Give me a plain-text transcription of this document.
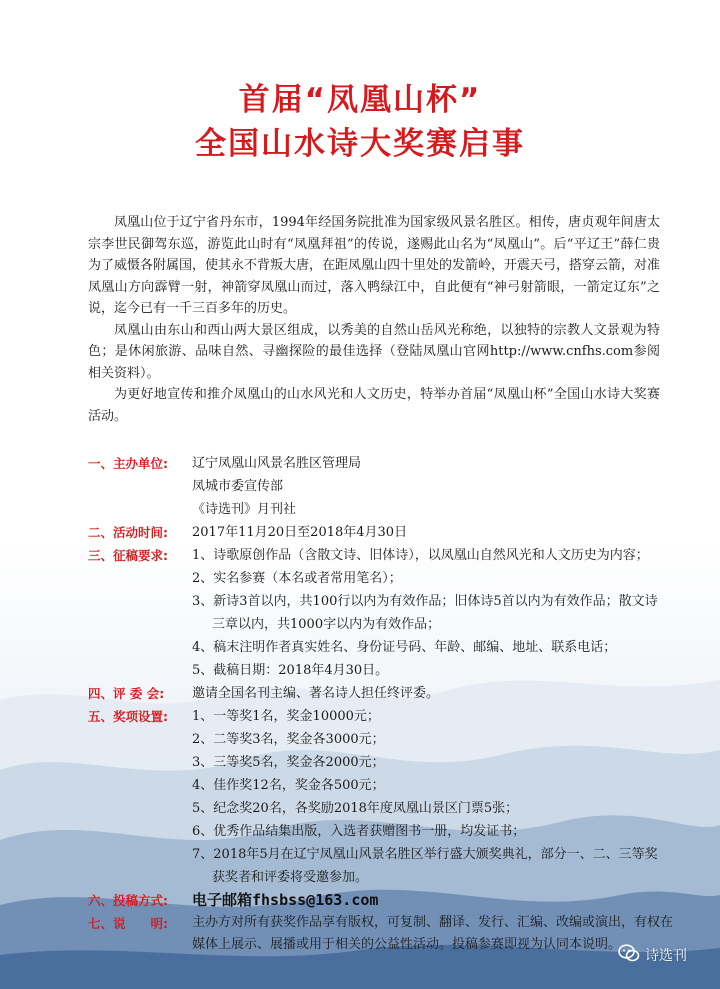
首届“凤凰山杯”
全国山水诗大奖赛启事

凤凰山位于辽宁省丹东市，1994年经国务院批准为国家级风景名胜区。相传，唐贞观年间唐太宗李世民御驾东巡，游览此山时有“凤凰拜祖”的传说，遂赐此山名为“凤凰山”。后“平辽王”薛仁贵为了威慑各附属国，使其永不背叛大唐，在距凤凰山四十里处的发箭岭，开震天弓，搭穿云箭，对准凤凰山方向霹臂一射，神箭穿凤凰山而过，落入鸭绿江中，自此便有“神弓射箭眼，一箭定辽东”之说，迄今已有一千三百多年的历史。

凤凰山由东山和西山两大景区组成，以秀美的自然山岳风光称绝，以独特的宗教人文景观为特色；是休闲旅游、品味自然、寻幽探险的最佳选择（登陆凤凰山官网http://www.cnfhs.com参阅相关资料）。

为更好地宣传和推介凤凰山的山水风光和人文历史，特举办首届“凤凰山杯”全国山水诗大奖赛活动。

一、主办单位:	辽宁凤凰山风景名胜区管理局
凤城市委宣传部
《诗选刊》月刊社
二、活动时间:	2017年11月20日至2018年4月30日
三、征稿要求:	1、诗歌原创作品（含散文诗、旧体诗），以凤凰山自然风光和人文历史为内容；
2、实名参赛（本名或者常用笔名）；
3、新诗3首以内，共100行以内为有效作品；旧体诗5首以内为有效作品；散文诗
三章以内，共1000字以内为有效作品；
4、稿末注明作者真实姓名、身份证号码、年龄、邮编、地址、联系电话；
5、截稿日期：2018年4月30日。
四、评 委 会:	邀请全国名刊主编、著名诗人担任终评委。
五、奖项设置:	1、一等奖1名，奖金10000元；
2、二等奖3名，奖金各3000元；
3、三等奖5名，奖金各2000元；
4、佳作奖12名，奖金各500元；
5、纪念奖20名，各奖励2018年度凤凰山景区门票5张；
6、优秀作品结集出版，入选者获赠图书一册，均发证书；
7、2018年5月在辽宁凤凰山风景名胜区举行盛大颁奖典礼，部分一、二、三等奖
获奖者和评委将受邀参加。
六、投稿方式:	电子邮箱fhsbss@163.com
七、说　　明:	主办方对所有获奖作品享有版权，可复制、翻译、发行、汇编、改编或演出，有权在媒体上展示、展播或用于相关的公益性活动。投稿参赛即视为认同本说明。
诗选刊
